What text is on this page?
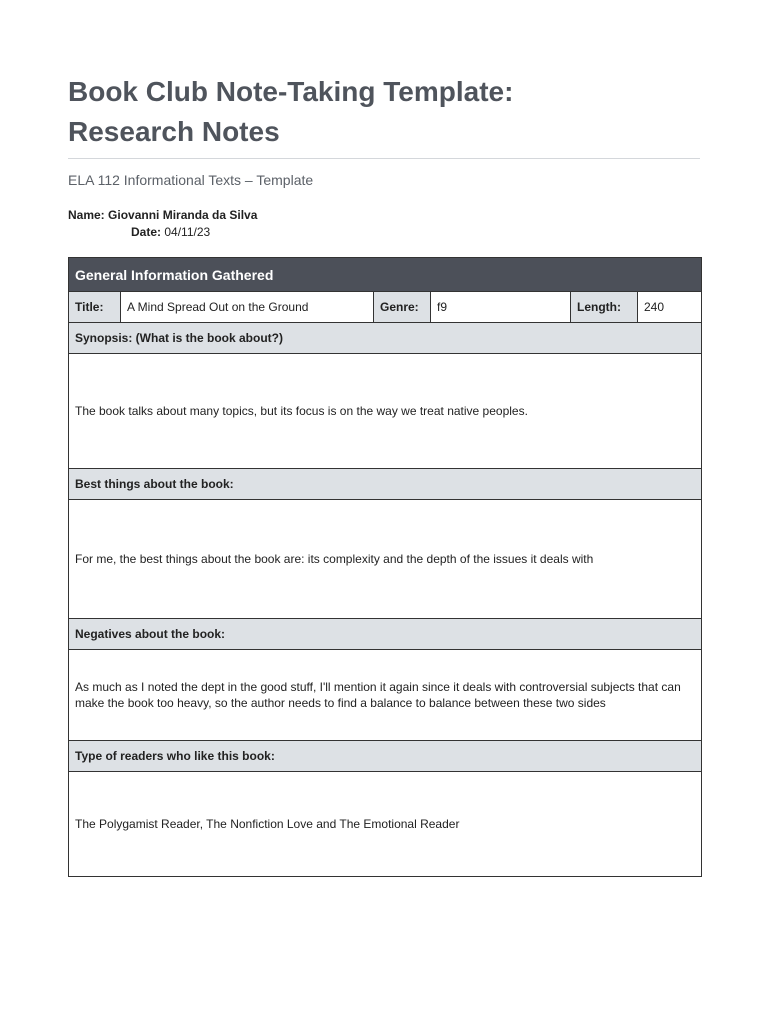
Book Club Note-Taking Template:
Research Notes
ELA 112 Informational Texts – Template
Name: Giovanni Miranda da Silva
Date: 04/11/23
General Information Gathered
Title:	A Mind Spread Out on the Ground	Genre:	f9	Length:	240
Synopsis: (What is the book about?)
The book talks about many topics, but its focus is on the way we treat native peoples.
Best things about the book:
For me, the best things about the book are: its complexity and the depth of the issues it deals with
Negatives about the book:
As much as I noted the dept in the good stuff, I'll mention it again since it deals with controversial subjects that can make the book too heavy, so the author needs to find a balance to balance between these two sides
Type of readers who like this book:
The Polygamist Reader, The Nonfiction Love and The Emotional Reader
